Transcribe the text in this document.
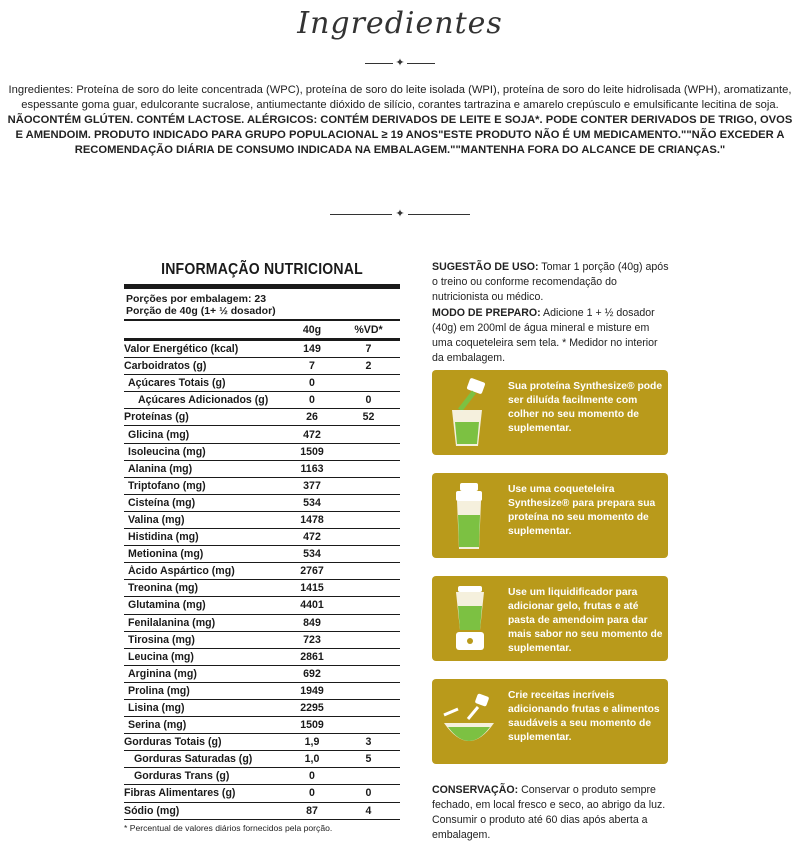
Ingredientes
✦
Ingredientes: Proteína de soro do leite concentrada (WPC), proteína de soro do leite isolada (WPI), proteína de soro do leite hidrolisada (WPH), aromatizante, espessante goma guar, edulcorante sucralose, antiumectante dióxido de silício, corantes tartrazina e amarelo crepúsculo e emulsificante lecitina de soja. NÃOCONTÉM GLÚTEN. CONTÉM LACTOSE. ALÉRGICOS: CONTÉM DERIVADOS DE LEITE E SOJA*. PODE CONTER DERIVADOS DE TRIGO, OVOS E AMENDOIM. PRODUTO INDICADO PARA GRUPO POPULACIONAL ≥ 19 ANOS"ESTE PRODUTO NÃO É UM MEDICAMENTO.""NÃO EXCEDER A RECOMENDAÇÃO DIÁRIA DE CONSUMO INDICADA NA EMBALAGEM.""MANTENHA FORA DO ALCANCE DE CRIANÇAS."
✦
INFORMAÇÃO NUTRICIONAL
Porções por embalagem: 23
Porção de 40g (1+ ½ dosador)
40g	%VD*
Valor Energético (kcal)	149	7
Carboidratos (g)	7	2
Açúcares Totais (g)	0
Açúcares Adicionados (g)	0	0
Proteínas (g)	26	52
Glicina (mg)	472
Isoleucina (mg)	1509
Alanina (mg)	1163
Triptofano (mg)	377
Cisteína (mg)	534
Valina (mg)	1478
Histidina (mg)	472
Metionina (mg)	534
Ácido Aspártico (mg)	2767
Treonina (mg)	1415
Glutamina (mg)	4401
Fenilalanina (mg)	849
Tirosina (mg)	723
Leucina (mg)	2861
Arginina (mg)	692
Prolina (mg)	1949
Lisina (mg)	2295
Serina (mg)	1509
Gorduras Totais (g)	1,9	3
Gorduras Saturadas (g)	1,0	5
Gorduras Trans (g)	0
Fibras Alimentares (g)	0	0
Sódio (mg)	87	4
* Percentual de valores diários fornecidos pela porção.
SUGESTÃO DE USO: Tomar 1 porção (40g) após o treino ou conforme recomendação do nutricionista ou médico.
MODO DE PREPARO: Adicione 1 + ½ dosador (40g) em 200ml de água mineral e misture em uma coqueteleira sem tela. * Medidor no interior da embalagem.
Sua proteína Synthesize® pode ser diluída facilmente com colher no seu momento de suplementar.
Use uma coqueteleira Synthesize® para prepara sua proteína no seu momento de suplementar.
Use um liquidificador para adicionar gelo, frutas e até pasta de amendoim para dar mais sabor no seu momento de suplementar.
Crie receitas incríveis adicionando frutas e alimentos saudáveis a seu momento de suplementar.
CONSERVAÇÃO: Conservar o produto sempre fechado, em local fresco e seco, ao abrigo da luz. Consumir o produto até 60 dias após aberta a embalagem.
